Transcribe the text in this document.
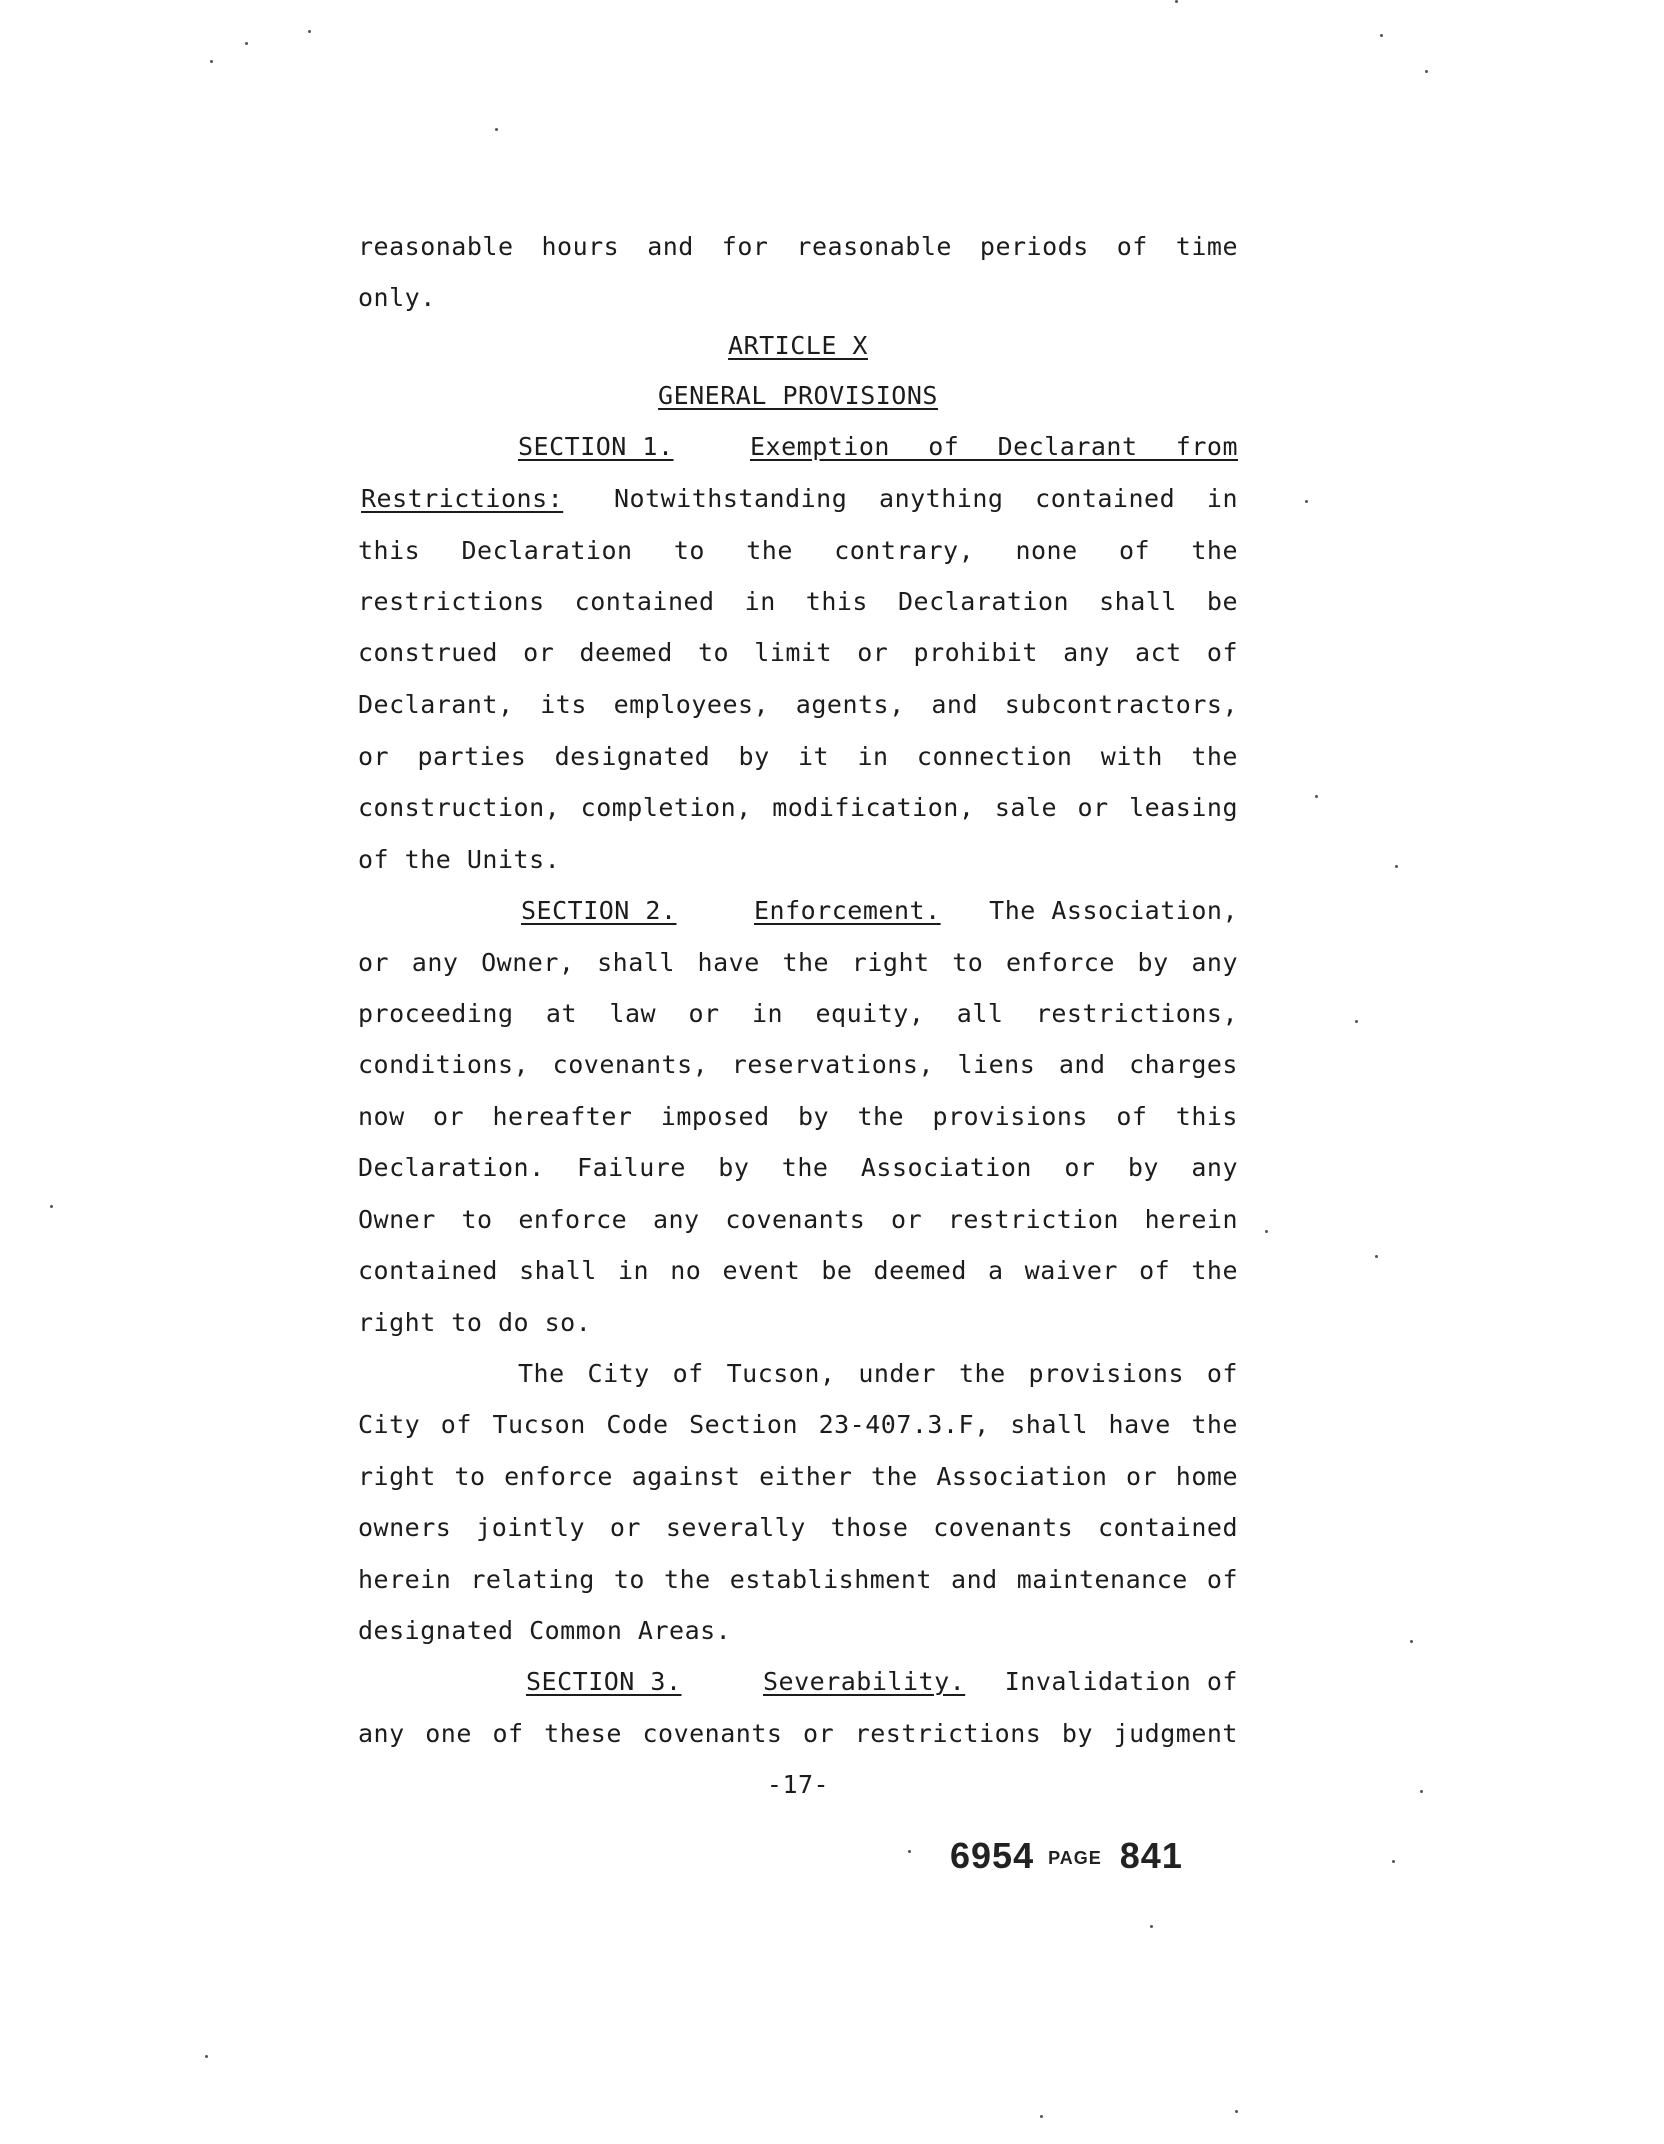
reasonable hours and for reasonable periods of time
only.
ARTICLE X
GENERAL PROVISIONS
SECTION 1.	Exemption of Declarant from
Restrictions: Notwithstanding anything contained in
this Declaration to the contrary, none of the
restrictions contained in this Declaration shall be
construed or deemed to limit or prohibit any act of
Declarant, its employees, agents, and subcontractors,
or parties designated by it in connection with the
construction, completion, modification, sale or leasing
of the Units.
SECTION 2.	Enforcement.	The Association,
or any Owner, shall have the right to enforce by any
proceeding at law or in equity, all restrictions,
conditions, covenants, reservations, liens and charges
now or hereafter imposed by the provisions of this
Declaration. Failure by the Association or by any
Owner to enforce any covenants or restriction herein
contained shall in no event be deemed a waiver of the
right to do so.
The City of Tucson, under the provisions of
City of Tucson Code Section 23-407.3.F, shall have the
right to enforce against either the Association or home
owners jointly or severally those covenants contained
herein relating to the establishment and maintenance of
designated Common Areas.
SECTION 3.	Severability.	Invalidation of
any one of these covenants or restrictions by judgment
-17-
6954 PAGE 841
